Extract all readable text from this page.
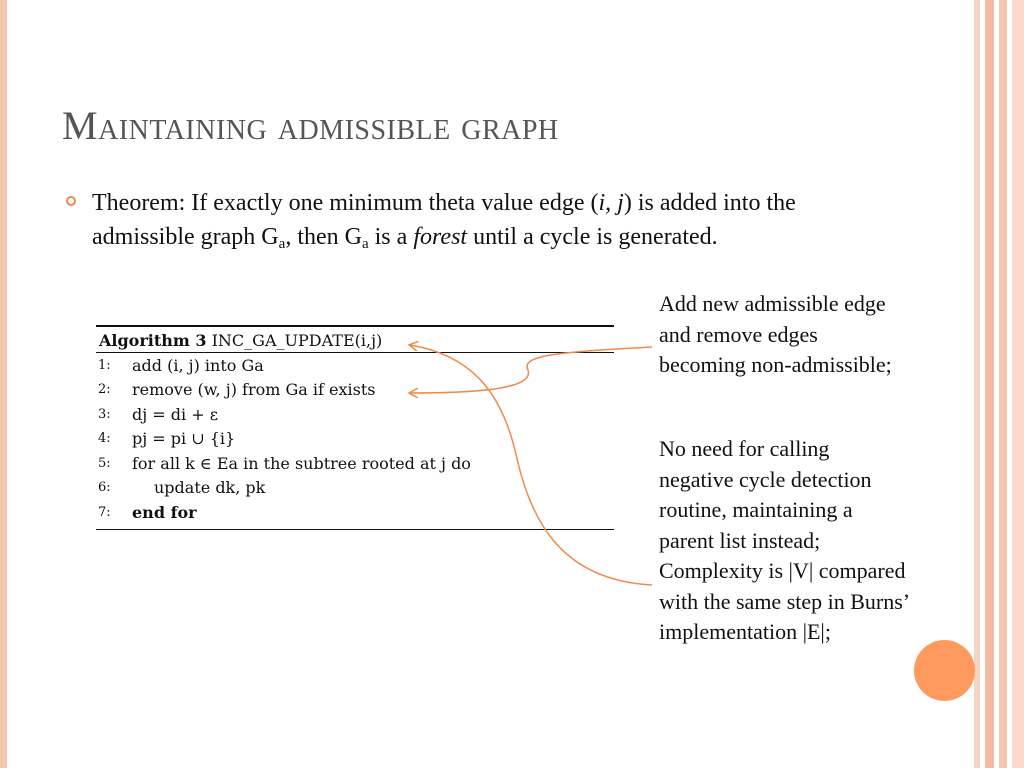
Maintaining admissible graph
Theorem: If exactly one minimum theta value edge (i, j) is added into the admissible graph $G_a$, then $G_a$ is a forest until a cycle is generated.
Add new admissible edge and remove edges becoming non-admissible;
No need for calling negative cycle detection routine, maintaining a parent list instead; Complexity is |V| compared with the same step in Burns’ implementation |E|;
Algorithm 3 INC_GA_UPDATE(i,j)
1:	add (i, j) into Ga
2:	remove (w, j) from Ga if exists
3:	dj = di + ε
4:	pj = pi ∪ {i}
5:	for all k ∈ Ea in the subtree rooted at j do
6:	update dk, pk
7:	end for
